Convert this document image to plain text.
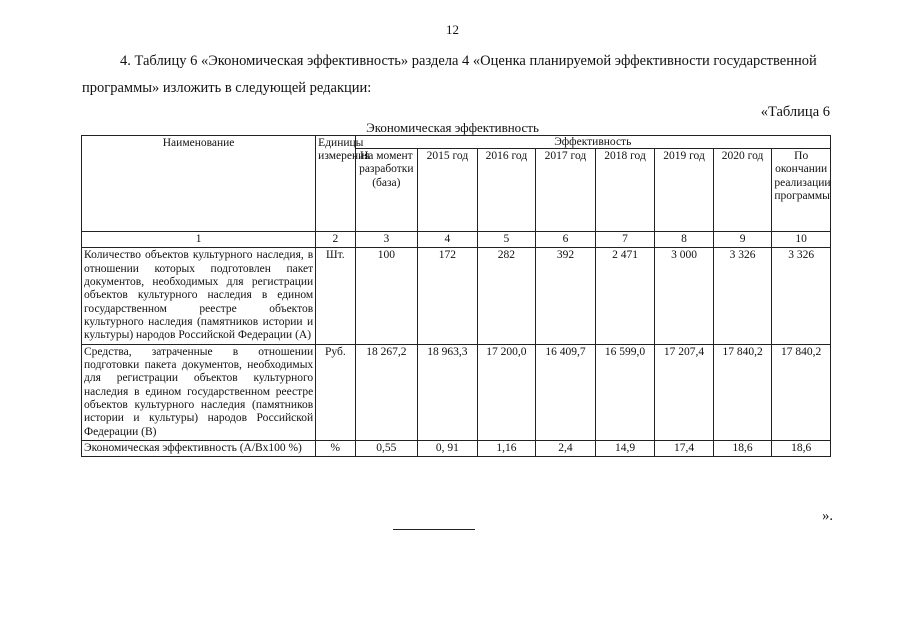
12
4. Таблицу 6 «Экономическая эффективность» раздела 4 «Оценка планируемой эффективности государственной
программы» изложить в следующей редакции:
«Таблица 6
Экономическая эффективность
Наименование	Единицы измерения	Эффективность							
		На момент разработки (база)	2015 год	2016 год	2017 год	2018 год	2019 год	2020 год	По окончании реализации программы
1	2	3	4	5	6	7	8	9	10
Количество объектов культурного наследия, в отношении которых подготовлен пакет документов, необходимых для регистрации объектов культурного наследия в едином государственном реестре объектов культурного наследия (памятников истории и культуры) народов Российской Федерации (А)	Шт.	100	172	282	392	2 471	3 000	3 326	3 326
Средства, затраченные в отношении подготовки пакета документов, необходимых для регистрации объектов культурного наследия в едином государственном реестре объектов культурного наследия (памятников истории и культуры) народов Российской Федерации (В)	Руб.	18 267,2	18 963,3	17 200,0	16 409,7	16 599,0	17 207,4	17 840,2	17 840,2
Экономическая эффективность (А/Вх100 %)	%	0,55	0, 91	1,16	2,4	14,9	17,4	18,6	18,6
».
